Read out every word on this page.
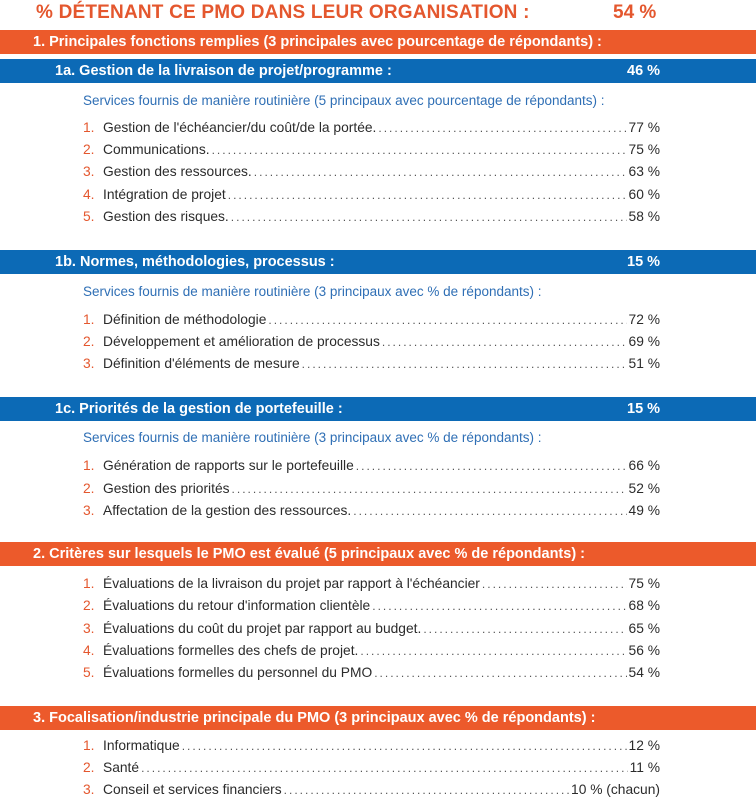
% DÉTENANT CE PMO DANS LEUR ORGANISATION :	54 %
1. Principales fonctions remplies (3 principales avec pourcentage de répondants) :
1a. Gestion de la livraison de projet/programme :	46 %
Services fournis de manière routinière (5 principaux avec pourcentage de répondants) :
1. Gestion de l'échéancier/du coût/de la portée. .....	77 %
2. Communications. .....	75 %
3. Gestion des ressources. .....	63 %
4. Intégration de projet .....	60 %
5. Gestion des risques. .....	58 %
1b. Normes, méthodologies, processus :	15 %
Services fournis de manière routinière (3 principaux avec % de répondants) :
1. Définition de méthodologie .....	72 %
2. Développement et amélioration de processus .....	69 %
3. Définition d'éléments de mesure .....	51 %
1c. Priorités de la gestion de portefeuille :	15 %
Services fournis de manière routinière (3 principaux avec % de répondants) :
1. Génération de rapports sur le portefeuille .....	66 %
2. Gestion des priorités .....	52 %
3. Affectation de la gestion des ressources. .....	49 %
2. Critères sur lesquels le PMO est évalué (5 principaux avec % de répondants) :
1. Évaluations de la livraison du projet par rapport à l'échéancier .....	75 %
2. Évaluations du retour d'information clientèle .....	68 %
3. Évaluations du coût du projet par rapport au budget. .....	65 %
4. Évaluations formelles des chefs de projet. .....	56 %
5. Évaluations formelles du personnel du PMO .....	54 %
3. Focalisation/industrie principale du PMO (3 principaux avec % de répondants) :
1. Informatique .....	12 %
2. Santé .....	11 %
3. Conseil et services financiers .....	10 % (chacun)
